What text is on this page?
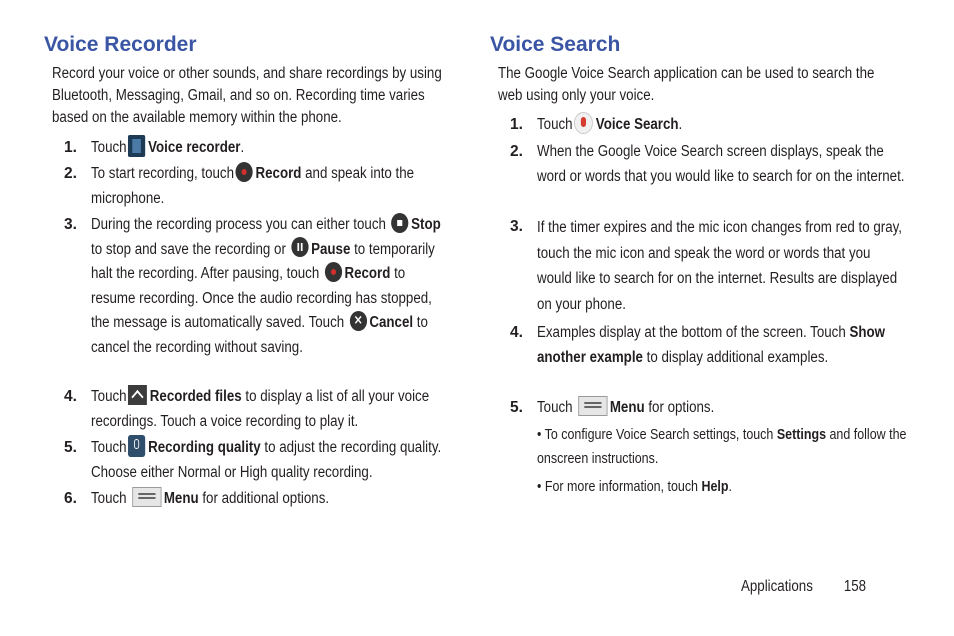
Voice Recorder

Record your voice or other sounds, and share recordings by using Bluetooth, Messaging, Gmail, and so on. Recording time varies based on the available memory within the phone.

1. Touch Voice recorder.
2. To start recording, touch Record and speak into the microphone.
3. During the recording process you can either touch Stop to stop and save the recording or Pause to temporarily halt the recording. After pausing, touch Record to resume recording. Once the audio recording has stopped, the message is automatically saved. Touch × Cancel to cancel the recording without saving.
4. Touch Recorded files to display a list of all your voice recordings. Touch a voice recording to play it.
5. Touch Recording quality to adjust the recording quality. Choose either Normal or High quality recording.
6. Touch Menu for additional options.
Voice Search

The Google Voice Search application can be used to search the web using only your voice.

1. Touch Voice Search.
2. When the Google Voice Search screen displays, speak the word or words that you would like to search for on the internet.
3. If the timer expires and the mic icon changes from red to gray, touch the mic icon and speak the word or words that you would like to search for on the internet. Results are displayed on your phone.
4. Examples display at the bottom of the screen. Touch Show another example to display additional examples.
5. Touch Menu for options.
• To configure Voice Search settings, touch Settings and follow the onscreen instructions.
• For more information, touch Help.
Applications 158
